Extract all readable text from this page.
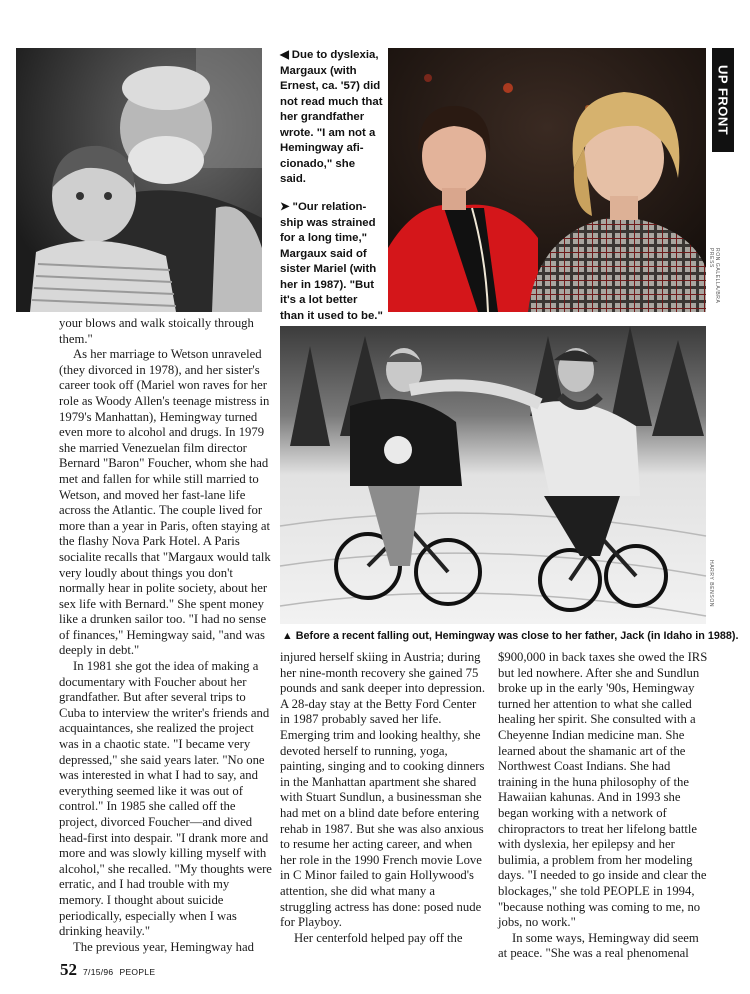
◀ Due to dyslexia,
Margaux (with
Ernest, ca. '57) did
not read much that
her grandfather
wrote. "I am not a
Hemingway afi-
cionado," she said.
➤ "Our relation-
ship was strained
for a long time,"
Margaux said of
sister Mariel (with
her in 1987). "But
it's a lot better
than it used to be."
RON GALELLA/BRA PRESS
UP FRONT
HARRY BENSON
▲ Before a recent falling out, Hemingway was close to her father, Jack (in Idaho in 1988).

your blows and walk stoically through them."

As her marriage to Wetson unraveled (they divorced in 1978), and her sister's career took off (Mariel won raves for her role as Woody Allen's teenage mistress in 1979's Manhattan), Hemingway turned even more to alcohol and drugs. In 1979 she married Venezuelan film director Bernard "Baron" Foucher, whom she had met and fallen for while still married to Wetson, and moved her fast-lane life across the Atlantic. The couple lived for more than a year in Paris, often staying at the flashy Nova Park Hotel. A Paris socialite recalls that "Margaux would talk very loudly about things you don't normally hear in polite society, about her sex life with Bernard." She spent money like a drunken sailor too. "I had no sense of finances," Hemingway said, "and was deeply in debt."

In 1981 she got the idea of making a documentary with Foucher about her grandfather. But after several trips to Cuba to interview the writer's friends and acquaintances, she realized the project was in a chaotic state. "I became very depressed," she said years later. "No one was interested in what I had to say, and everything seemed like it was out of control." In 1985 she called off the project, divorced Foucher—and dived head-first into despair. "I drank more and more and was slowly killing myself with alcohol," she recalled. "My thoughts were erratic, and I had trouble with my memory. I thought about suicide periodically, especially when I was drinking heavily."

The previous year, Hemingway had

injured herself skiing in Austria; during her nine-month recovery she gained 75 pounds and sank deeper into depression. A 28-day stay at the Betty Ford Center in 1987 probably saved her life. Emerging trim and looking healthy, she devoted herself to running, yoga, painting, singing and to cooking dinners in the Manhattan apartment she shared with Stuart Sundlun, a businessman she had met on a blind date before entering rehab in 1987. But she was also anxious to resume her acting career, and when her role in the 1990 French movie Love in C Minor failed to gain Hollywood's attention, she did what many a struggling actress has done: posed nude for Playboy.

Her centerfold helped pay off the

$900,000 in back taxes she owed the IRS but led nowhere. After she and Sundlun broke up in the early '90s, Hemingway turned her attention to what she called healing her spirit. She consulted with a Cheyenne Indian medicine man. She learned about the shamanic art of the Northwest Coast Indians. She had training in the huna philosophy of the Hawaiian kahunas. And in 1993 she began working with a network of chiropractors to treat her lifelong battle with dyslexia, her epilepsy and her bulimia, a problem from her modeling days. "I needed to go inside and clear the blockages," she told PEOPLE in 1994, "because nothing was coming to me, no jobs, no work."

In some ways, Hemingway did seem at peace. "She was a real phenomenal

52 7/15/96 PEOPLE
